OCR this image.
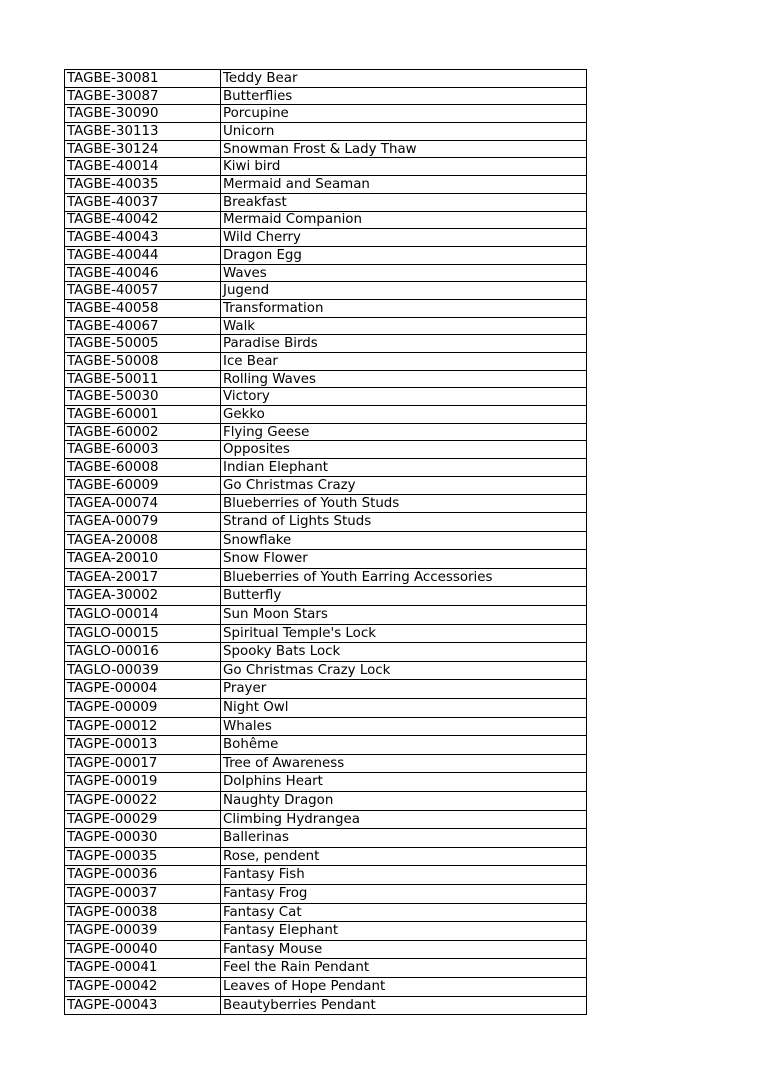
TAGBE-30081	Teddy Bear
TAGBE-30087	Butterflies
TAGBE-30090	Porcupine
TAGBE-30113	Unicorn
TAGBE-30124	Snowman Frost & Lady Thaw
TAGBE-40014	Kiwi bird
TAGBE-40035	Mermaid and Seaman
TAGBE-40037	Breakfast
TAGBE-40042	Mermaid Companion
TAGBE-40043	Wild Cherry
TAGBE-40044	Dragon Egg
TAGBE-40046	Waves
TAGBE-40057	Jugend
TAGBE-40058	Transformation
TAGBE-40067	Walk
TAGBE-50005	Paradise Birds
TAGBE-50008	Ice Bear
TAGBE-50011	Rolling Waves
TAGBE-50030	Victory
TAGBE-60001	Gekko
TAGBE-60002	Flying Geese
TAGBE-60003	Opposites
TAGBE-60008	Indian Elephant
TAGBE-60009	Go Christmas Crazy
TAGEA-00074	Blueberries of Youth Studs
TAGEA-00079	Strand of Lights Studs
TAGEA-20008	Snowflake
TAGEA-20010	Snow Flower
TAGEA-20017	Blueberries of Youth Earring Accessories
TAGEA-30002	Butterfly
TAGLO-00014	Sun Moon Stars
TAGLO-00015	Spiritual Temple's Lock
TAGLO-00016	Spooky Bats Lock
TAGLO-00039	Go Christmas Crazy Lock
TAGPE-00004	Prayer
TAGPE-00009	Night Owl
TAGPE-00012	Whales
TAGPE-00013	Bohême
TAGPE-00017	Tree of Awareness
TAGPE-00019	Dolphins Heart
TAGPE-00022	Naughty Dragon
TAGPE-00029	Climbing Hydrangea
TAGPE-00030	Ballerinas
TAGPE-00035	Rose, pendent
TAGPE-00036	Fantasy Fish
TAGPE-00037	Fantasy Frog
TAGPE-00038	Fantasy Cat
TAGPE-00039	Fantasy Elephant
TAGPE-00040	Fantasy Mouse
TAGPE-00041	Feel the Rain Pendant
TAGPE-00042	Leaves of Hope Pendant
TAGPE-00043	Beautyberries Pendant
